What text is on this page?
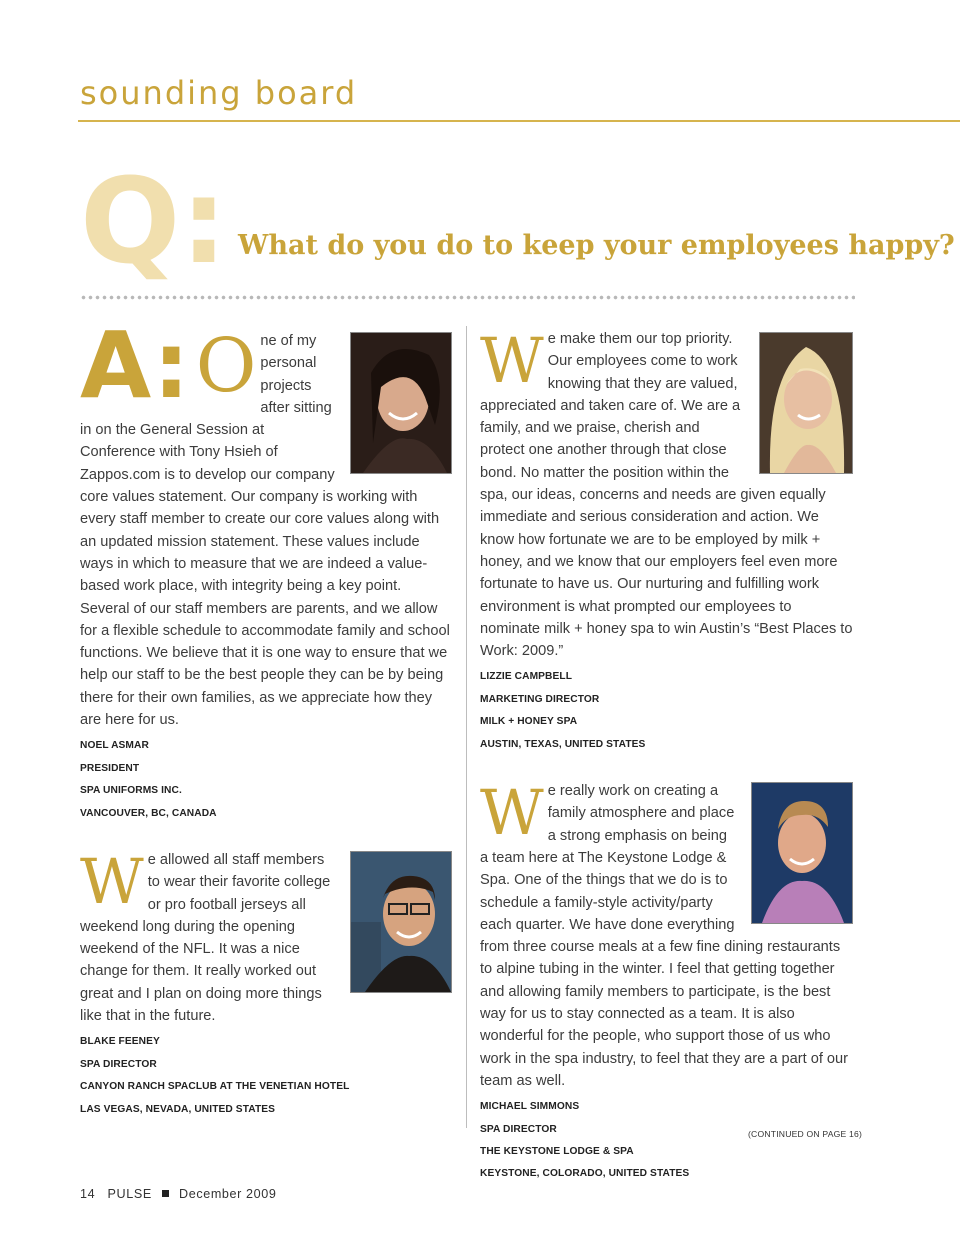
sounding board
Q: What do you do to keep your employees happy?
A: O ne of my personal projects after sitting in on the General Session at Conference with Tony Hsieh of Zappos.com is to develop our company core values statement. Our company is working with every staff member to create our core values along with an updated mission statement. These values include ways in which to measure that we are indeed a value-based work place, with integrity being a key point. Several of our staff members are parents, and we allow for a flexible schedule to accommodate family and school functions. We believe that it is one way to ensure that we help our staff to be the best people they can be by being there for their own families, as we appreciate how they are here for us.

NOEL ASMAR
PRESIDENT
SPA UNIFORMS INC.
VANCOUVER, BC, CANADA
W e allowed all staff members to wear their favorite college or pro football jerseys all weekend long during the opening weekend of the NFL. It was a nice change for them. It really worked out great and I plan on doing more things like that in the future.

BLAKE FEENEY
SPA DIRECTOR
CANYON RANCH SPACLUB AT THE VENETIAN HOTEL
LAS VEGAS, NEVADA, UNITED STATES
W e make them our top priority. Our employees come to work knowing that they are valued, appreciated and taken care of. We are a family, and we praise, cherish and protect one another through that close bond. No matter the position within the spa, our ideas, concerns and needs are given equally immediate and serious consideration and action. We know how fortunate we are to be employed by milk + honey, and we know that our employers feel even more fortunate to have us. Our nurturing and fulfilling work environment is what prompted our employees to nominate milk + honey spa to win Austin’s “Best Places to Work: 2009.”

LIZZIE CAMPBELL
MARKETING DIRECTOR
MILK + HONEY SPA
AUSTIN, TEXAS, UNITED STATES
W e really work on creating a family atmosphere and place a strong emphasis on being a team here at The Keystone Lodge & Spa. One of the things that we do is to schedule a family-style activity/party each quarter. We have done everything from three course meals at a few fine dining restaurants to alpine tubing in the winter. I feel that getting together and allowing family members to participate, is the best way for us to stay connected as a team. It is also wonderful for the people, who support those of us who work in the spa industry, to feel that they are a part of our team as well.

MICHAEL SIMMONS
SPA DIRECTOR
THE KEYSTONE LODGE & SPA
KEYSTONE, COLORADO, UNITED STATES
(CONTINUED ON PAGE 16)
14 PULSE December 2009
